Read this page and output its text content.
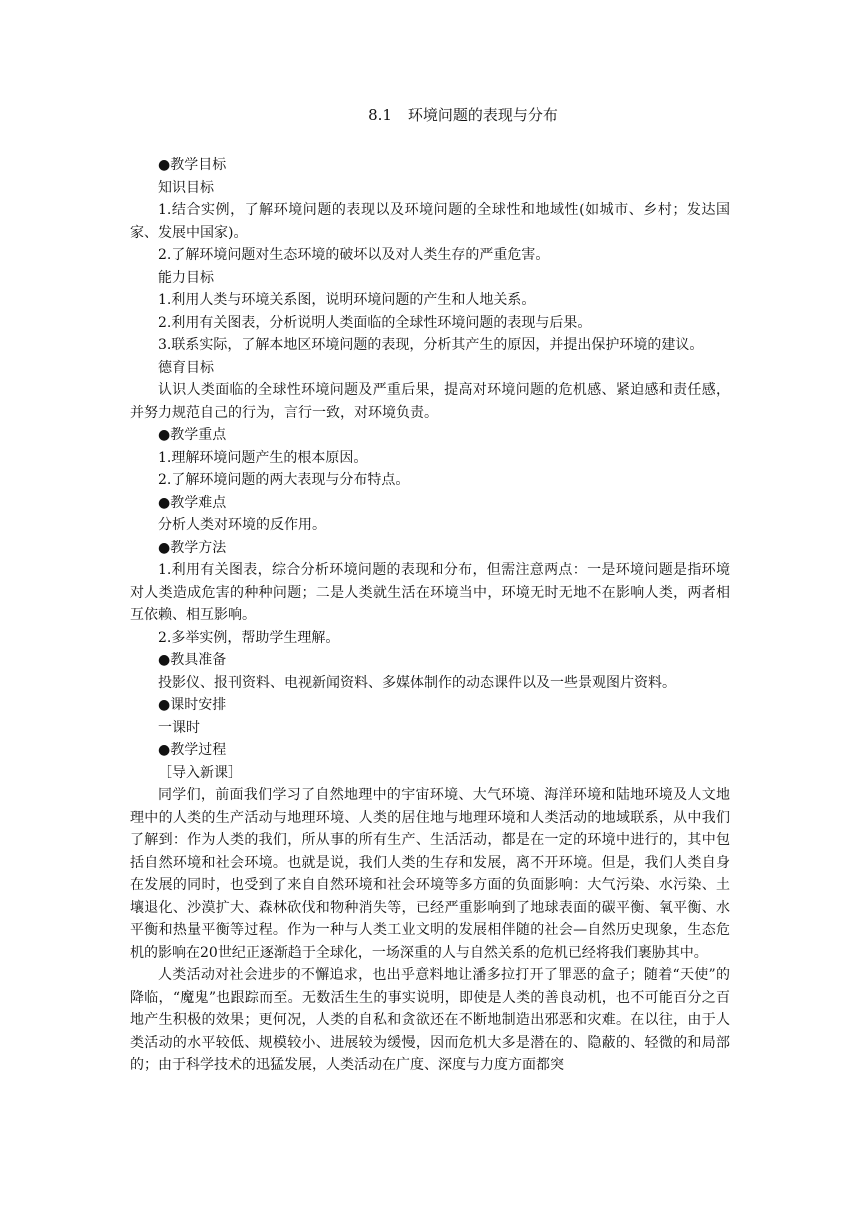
8.1 环境问题的表现与分布

●教学目标

知识目标

1.结合实例，了解环境问题的表现以及环境问题的全球性和地域性(如城市、乡村；发达国家、发展中国家)。

2.了解环境问题对生态环境的破坏以及对人类生存的严重危害。

能力目标

1.利用人类与环境关系图，说明环境问题的产生和人地关系。

2.利用有关图表，分析说明人类面临的全球性环境问题的表现与后果。

3.联系实际，了解本地区环境问题的表现，分析其产生的原因，并提出保护环境的建议。

德育目标

认识人类面临的全球性环境问题及严重后果，提高对环境问题的危机感、紧迫感和责任感，并努力规范自己的行为，言行一致，对环境负责。

●教学重点

1.理解环境问题产生的根本原因。

2.了解环境问题的两大表现与分布特点。

●教学难点

分析人类对环境的反作用。

●教学方法

1.利用有关图表，综合分析环境问题的表现和分布，但需注意两点：一是环境问题是指环境对人类造成危害的种种问题；二是人类就生活在环境当中，环境无时无地不在影响人类，两者相互依赖、相互影响。

2.多举实例，帮助学生理解。

●教具准备

投影仪、报刊资料、电视新闻资料、多媒体制作的动态课件以及一些景观图片资料。

●课时安排

一课时

●教学过程

［导入新课］

同学们，前面我们学习了自然地理中的宇宙环境、大气环境、海洋环境和陆地环境及人文地理中的人类的生产活动与地理环境、人类的居住地与地理环境和人类活动的地域联系，从中我们了解到：作为人类的我们，所从事的所有生产、生活活动，都是在一定的环境中进行的，其中包括自然环境和社会环境。也就是说，我们人类的生存和发展，离不开环境。但是，我们人类自身在发展的同时，也受到了来自自然环境和社会环境等多方面的负面影响：大气污染、水污染、土壤退化、沙漠扩大、森林砍伐和物种消失等，已经严重影响到了地球表面的碳平衡、氧平衡、水平衡和热量平衡等过程。作为一种与人类工业文明的发展相伴随的社会—自然历史现象，生态危机的影响在20世纪正逐渐趋于全球化，一场深重的人与自然关系的危机已经将我们裹胁其中。

人类活动对社会进步的不懈追求，也出乎意料地让潘多拉打开了罪恶的盒子；随着“天使”的降临，“魔鬼”也跟踪而至。无数活生生的事实说明，即使是人类的善良动机，也不可能百分之百地产生积极的效果；更何况，人类的自私和贪欲还在不断地制造出邪恶和灾难。在以往，由于人类活动的水平较低、规模较小、进展较为缓慢，因而危机大多是潜在的、隐蔽的、轻微的和局部的；由于科学技术的迅猛发展，人类活动在广度、深度与力度方面都突
